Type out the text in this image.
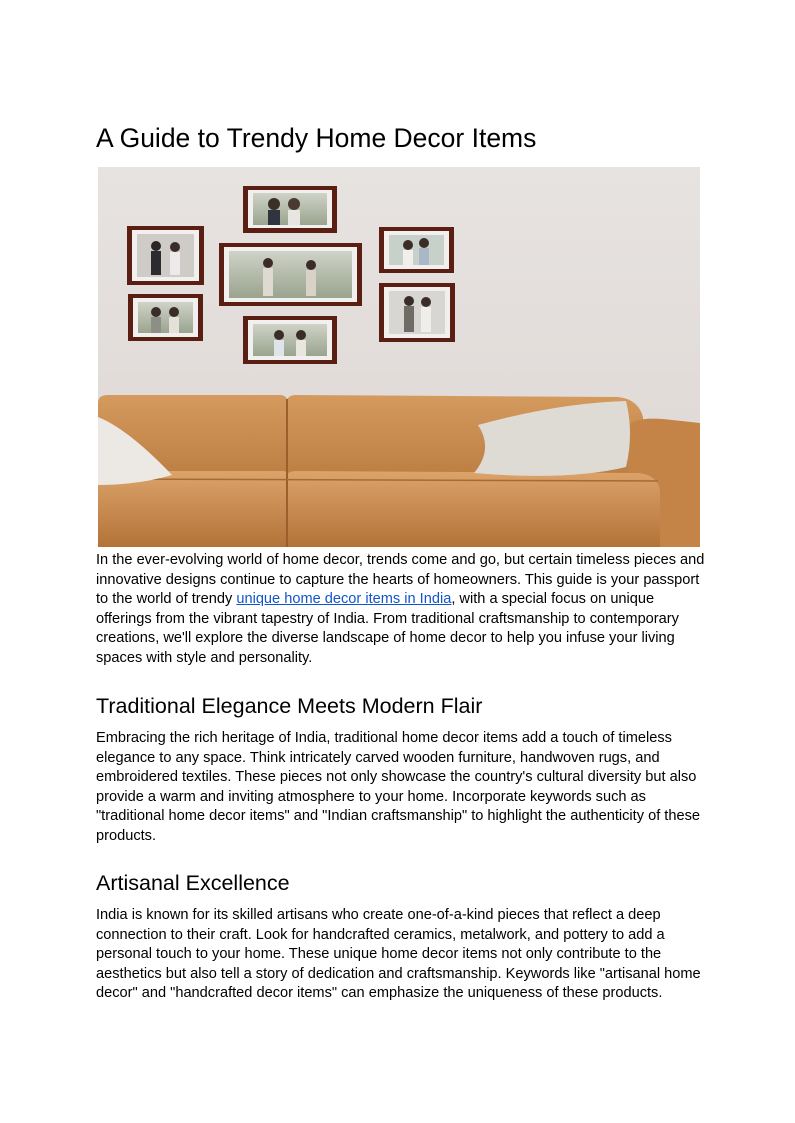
A Guide to Trendy Home Decor Items

In the ever-evolving world of home decor, trends come and go, but certain timeless pieces and innovative designs continue to capture the hearts of homeowners. This guide is your passport to the world of trendy unique home decor items in India, with a special focus on unique offerings from the vibrant tapestry of India. From traditional craftsmanship to contemporary creations, we'll explore the diverse landscape of home decor to help you infuse your living spaces with style and personality.

Traditional Elegance Meets Modern Flair

Embracing the rich heritage of India, traditional home decor items add a touch of timeless elegance to any space. Think intricately carved wooden furniture, handwoven rugs, and embroidered textiles. These pieces not only showcase the country's cultural diversity but also provide a warm and inviting atmosphere to your home. Incorporate keywords such as "traditional home decor items" and "Indian craftsmanship" to highlight the authenticity of these products.

Artisanal Excellence

India is known for its skilled artisans who create one-of-a-kind pieces that reflect a deep connection to their craft. Look for handcrafted ceramics, metalwork, and pottery to add a personal touch to your home. These unique home decor items not only contribute to the aesthetics but also tell a story of dedication and craftsmanship. Keywords like "artisanal home decor" and "handcrafted decor items" can emphasize the uniqueness of these products.
